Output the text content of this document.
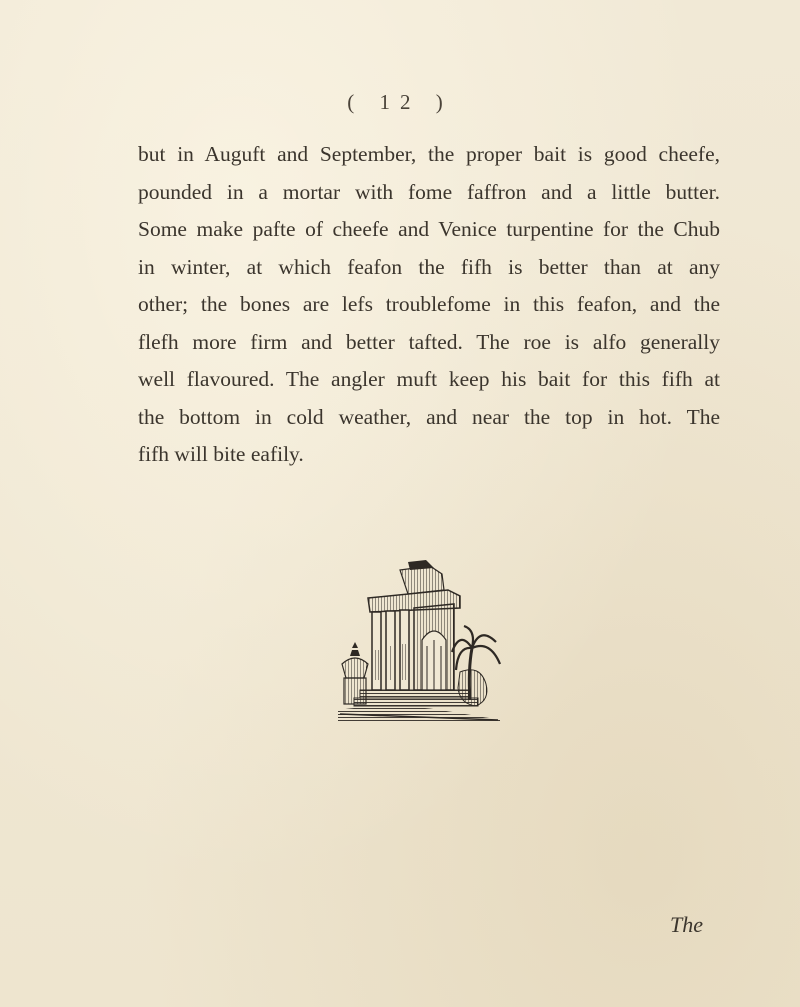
( 12 )
but in Auguft and September, the proper bait is good cheefe,
pounded in a mortar with fome faffron and a little butter.
Some make pafte of cheefe and Venice turpentine for the Chub
in winter, at which feafon the fifh is better than at any
other; the bones are lefs troublefome in this feafon, and the
flefh more firm and better tafted. The roe is alfo generally
well flavoured. The angler muft keep his bait for this fifh at
the bottom in cold weather, and near the top in hot. The
fifh will bite eafily.
The
